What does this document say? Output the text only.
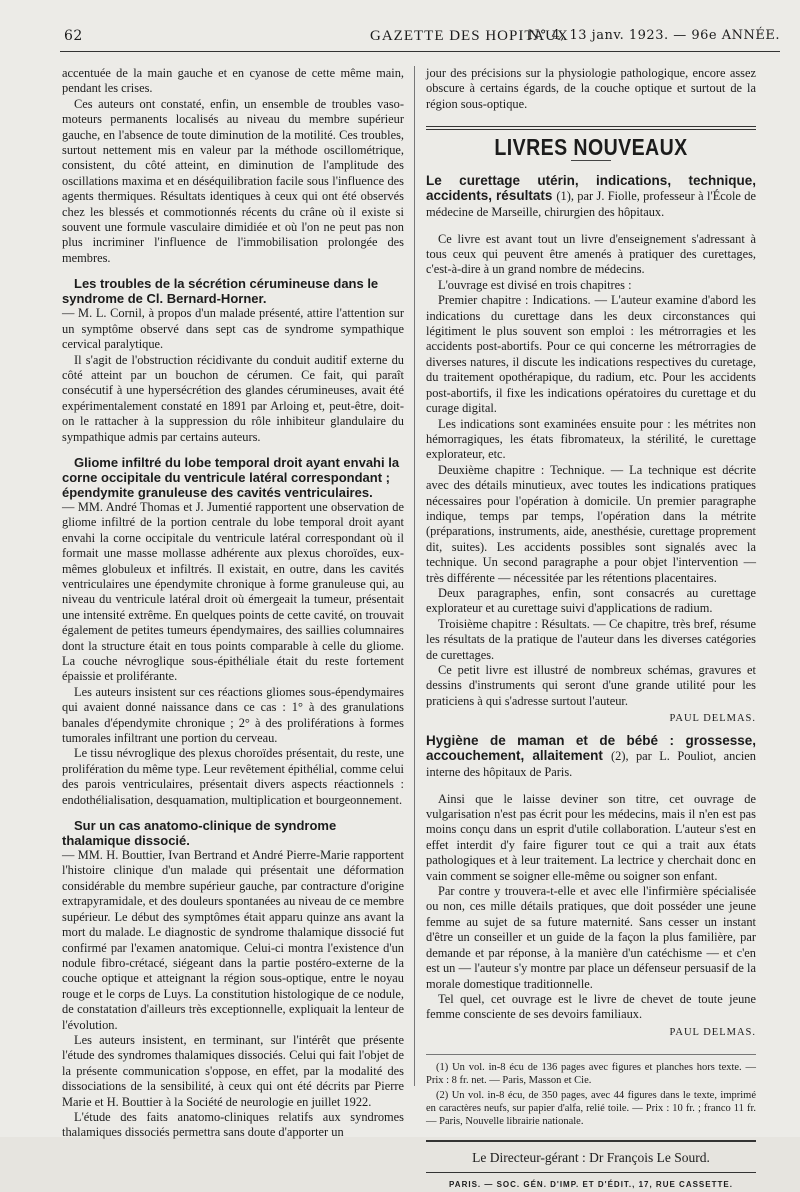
62	GAZETTE DES HOPITAUX
N° 4, 13 janv. 1923. — 96e ANNÉE.

accentuée de la main gauche et en cyanose de cette même main, pendant les crises.

Ces auteurs ont constaté, enfin, un ensemble de troubles vaso-moteurs permanents localisés au niveau du membre supérieur gauche, en l'absence de toute diminution de la motilité. Ces troubles, surtout nettement mis en valeur par la méthode oscillométrique, consistent, du côté atteint, en diminution de l'amplitude des oscillations maxima et en déséquilibration facile sous l'influence des agents thermiques. Résultats identiques à ceux qui ont été observés chez les blessés et commotionnés récents du crâne où il existe si souvent une formule vasculaire dimidiée et où l'on ne peut pas non plus incriminer l'influence de l'immobilisation prolongée des membres.

Les troubles de la sécrétion cérumineuse dans le syndrome de Cl. Bernard-Horner.

— M. L. Cornil, à propos d'un malade présenté, attire l'attention sur un symptôme observé dans sept cas de syndrome sympathique cervical paralytique.

Il s'agit de l'obstruction récidivante du conduit auditif externe du côté atteint par un bouchon de cérumen. Ce fait, qui paraît consécutif à une hypersécrétion des glandes cérumineuses, avait été expérimentalement constaté en 1891 par Arloing et, peut-être, doit-on le rattacher à la suppression du rôle inhibiteur glandulaire du sympathique admis par certains auteurs.

Gliome infiltré du lobe temporal droit ayant envahi la corne occipitale du ventricule latéral correspondant ; épendymite granuleuse des cavités ventriculaires.

— MM. André Thomas et J. Jumentié rapportent une observation de gliome infiltré de la portion centrale du lobe temporal droit ayant envahi la corne occipitale du ventricule latéral correspondant où il formait une masse mollasse adhérente aux plexus choroïdes, eux-mêmes globuleux et infiltrés. Il existait, en outre, dans les cavités ventriculaires une épendymite chronique à forme granuleuse qui, au niveau du ventricule latéral droit où émergeait la tumeur, présentait une intensité extrême. En quelques points de cette cavité, on trouvait également de petites tumeurs épendymaires, des saillies columnaires dont la structure était en tous points comparable à celle du gliome. La couche névroglique sous-épithéliale était du reste fortement épaissie et proliférante.

Les auteurs insistent sur ces réactions gliomes sous-épendymaires qui avaient donné naissance dans ce cas : 1° à des granulations banales d'épendymite chronique ; 2° à des proliférations à formes tumorales infiltrant une portion du cerveau.

Le tissu névroglique des plexus choroïdes présentait, du reste, une prolifération du même type. Leur revêtement épithélial, comme celui des parois ventriculaires, présentait divers aspects réactionnels : endothélialisation, desquamation, multiplication et bourgeonnement.

Sur un cas anatomo-clinique de syndrome thalamique dissocié.

— MM. H. Bouttier, Ivan Bertrand et André Pierre-Marie rapportent l'histoire clinique d'un malade qui présentait une déformation considérable du membre supérieur gauche, par contracture d'origine extrapyramidale, et des douleurs spontanées au niveau de ce membre supérieur. Le début des symptômes était apparu quinze ans avant la mort du malade. Le diagnostic de syndrome thalamique dissocié fut confirmé par l'examen anatomique. Celui-ci montra l'existence d'un nodule fibro-crétacé, siégeant dans la partie postéro-externe de la couche optique et atteignant la région sous-optique, entre le noyau rouge et le corps de Luys. La constitution histologique de ce nodule, de constatation d'ailleurs très exceptionnelle, expliquait la lenteur de l'évolution.

Les auteurs insistent, en terminant, sur l'intérêt que présente l'étude des syndromes thalamiques dissociés. Celui qui fait l'objet de la présente communication s'oppose, en effet, par la modalité des dissociations de la sensibilité, à ceux qui ont été décrits par Pierre Marie et H. Bouttier à la Société de neurologie en juillet 1922.

L'étude des faits anatomo-cliniques relatifs aux syndromes thalamiques dissociés permettra sans doute d'apporter un

jour des précisions sur la physiologie pathologique, encore assez obscure à certains égards, de la couche optique et surtout de la région sous-optique.

LIVRES NOUVEAUX
Le curettage utérin, indications, technique, accidents, résultats (1), par J. Fiolle, professeur à l'École de médecine de Marseille, chirurgien des hôpitaux.

Ce livre est avant tout un livre d'enseignement s'adressant à tous ceux qui peuvent être amenés à pratiquer des curettages, c'est-à-dire à un grand nombre de médecins.

L'ouvrage est divisé en trois chapitres :

Premier chapitre : Indications. — L'auteur examine d'abord les indications du curettage dans les deux circonstances qui légitiment le plus souvent son emploi : les métrorragies et les accidents post-abortifs. Pour ce qui concerne les métrorragies de diverses natures, il discute les indications respectives du curetage, du traitement opothérapique, du radium, etc. Pour les accidents post-abortifs, il fixe les indications opératoires du curettage et du curage digital.

Les indications sont examinées ensuite pour : les métrites non hémorragiques, les états fibromateux, la stérilité, le curettage explorateur, etc.

Deuxième chapitre : Technique. — La technique est décrite avec des détails minutieux, avec toutes les indications pratiques nécessaires pour l'opération à domicile. Un premier paragraphe indique, temps par temps, l'opération dans la métrite (préparations, instruments, aide, anesthésie, curettage proprement dit, suites). Les accidents possibles sont signalés avec la technique. Un second paragraphe a pour objet l'intervention — très différente — nécessitée par les rétentions placentaires.

Deux paragraphes, enfin, sont consacrés au curettage explorateur et au curettage suivi d'applications de radium.

Troisième chapitre : Résultats. — Ce chapitre, très bref, résume les résultats de la pratique de l'auteur dans les diverses catégories de curettages.

Ce petit livre est illustré de nombreux schémas, gravures et dessins d'instruments qui seront d'une grande utilité pour les praticiens à qui s'adresse surtout l'auteur.

PAUL DELMAS.
Hygiène de maman et de bébé : grossesse, accouchement, allaitement (2), par L. Pouliot, ancien interne des hôpitaux de Paris.

Ainsi que le laisse deviner son titre, cet ouvrage de vulgarisation n'est pas écrit pour les médecins, mais il n'en est pas moins conçu dans un esprit d'utile collaboration. L'auteur s'est en effet interdit d'y faire figurer tout ce qui a trait aux états pathologiques et à leur traitement. La lectrice y cherchait donc en vain comment se soigner elle-même ou soigner son enfant.

Par contre y trouvera-t-elle et avec elle l'infirmière spécialisée ou non, ces mille détails pratiques, que doit posséder une jeune femme au sujet de sa future maternité. Sans cesser un instant d'être un conseiller et un guide de la façon la plus familière, par demande et par réponse, à la manière d'un catéchisme — et c'en est un — l'auteur s'y montre par place un défenseur persuasif de la morale domestique traditionnelle.

Tel quel, cet ouvrage est le livre de chevet de toute jeune femme consciente de ses devoirs familiaux.

PAUL DELMAS.

(1) Un vol. in-8 écu de 136 pages avec figures et planches hors texte. — Prix : 8 fr. net. — Paris, Masson et Cie.

(2) Un vol. in-8 écu, de 350 pages, avec 44 figures dans le texte, imprimé en caractères neufs, sur papier d'alfa, relié toile. — Prix : 10 fr. ; franco 11 fr. — Paris, Nouvelle librairie nationale.

Le Directeur-gérant : Dr François Le Sourd.
PARIS. — SOC. GÉN. D'IMP. ET D'ÉDIT., 17, RUE CASSETTE.
